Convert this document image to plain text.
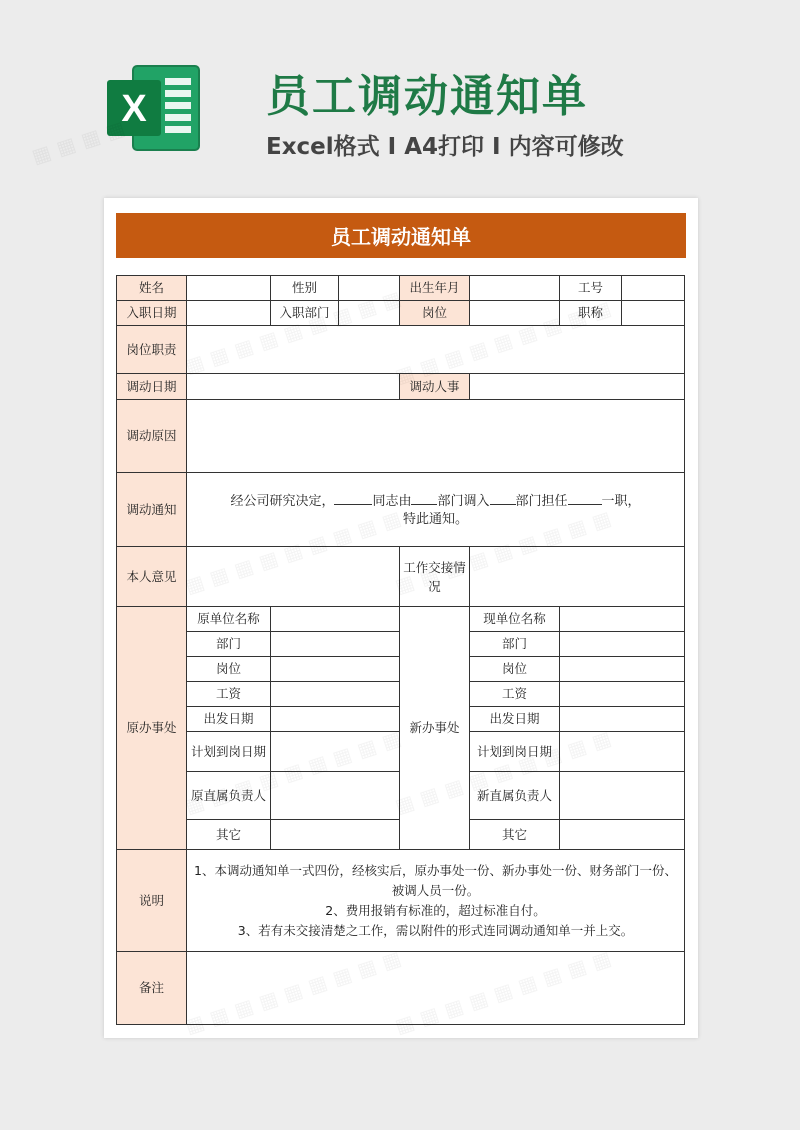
X	员工调动通知单
Excel格式 I A4打印 I 内容可修改
员工调动通知单
姓名		性别		出生年月		工号	
入职日期		入职部门		岗位		职称	
岗位职责							
调动日期				调动人事			
调动原因							
调动通知	经公司研究决定， 同志由 部门调入 部门担任 一职，
特此通知。						
本人意见				工作交接情况			
原办事处	原单位名称			新办事处	现单位名称		
	部门				部门		
	岗位				岗位		
	工资				工资		
	出发日期				出发日期		
	计划到岗日期				计划到岗日期		
	原直属负责人				新直属负责人		
	其它				其它		
说明	1、本调动通知单一式四份，经核实后，原办事处一份、新办事处一份、财务部门一份、被调人员一份。
2、费用报销有标准的，超过标准自付。
3、若有未交接清楚之工作，需以附件的形式连同调动通知单一并上交。						

备注							
